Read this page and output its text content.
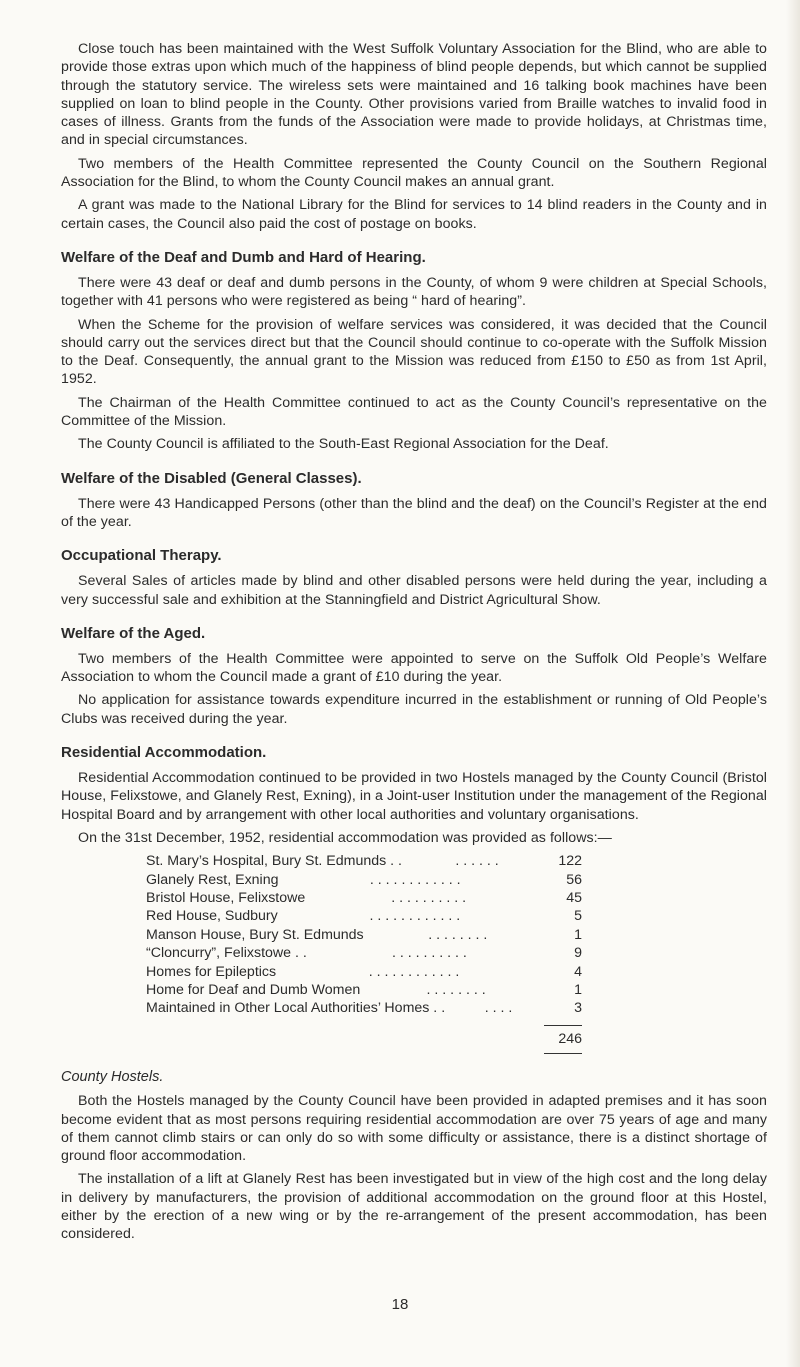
Close touch has been maintained with the West Suffolk Voluntary Association for the Blind, who are able to provide those extras upon which much of the happiness of blind people depends, but which cannot be supplied through the statutory service. The wireless sets were maintained and 16 talking book machines have been supplied on loan to blind people in the County. Other provisions varied from Braille watches to invalid food in cases of illness. Grants from the funds of the Association were made to provide holidays, at Christmas time, and in special circumstances.

Two members of the Health Committee represented the County Council on the Southern Regional Association for the Blind, to whom the County Council makes an annual grant.

A grant was made to the National Library for the Blind for services to 14 blind readers in the County and in certain cases, the Council also paid the cost of postage on books.

Welfare of the Deaf and Dumb and Hard of Hearing.

There were 43 deaf or deaf and dumb persons in the County, of whom 9 were children at Special Schools, together with 41 persons who were registered as being “ hard of hearing”.

When the Scheme for the provision of welfare services was considered, it was decided that the Council should carry out the services direct but that the Council should continue to co-operate with the Suffolk Mission to the Deaf. Consequently, the annual grant to the Mission was reduced from £150 to £50 as from 1st April, 1952.

The Chairman of the Health Committee continued to act as the County Council’s representative on the Committee of the Mission.

The County Council is affiliated to the South-East Regional Association for the Deaf.

Welfare of the Disabled (General Classes).

There were 43 Handicapped Persons (other than the blind and the deaf) on the Council’s Register at the end of the year.

Occupational Therapy.

Several Sales of articles made by blind and other disabled persons were held during the year, including a very successful sale and exhibition at the Stanningfield and District Agricultural Show.

Welfare of the Aged.

Two members of the Health Committee were appointed to serve on the Suffolk Old People’s Welfare Association to whom the Council made a grant of £10 during the year.

No application for assistance towards expenditure incurred in the establishment or running of Old People’s Clubs was received during the year.

Residential Accommodation.

Residential Accommodation continued to be provided in two Hostels managed by the County Council (Bristol House, Felixstowe, and Glanely Rest, Exning), in a Joint-user Institution under the management of the Regional Hospital Board and by arrangement with other local authorities and voluntary organisations.

On the 31st December, 1952, residential accommodation was provided as follows:—

St. Mary’s Hospital, Bury St. Edmunds . .	. . . . . .	122
Glanely Rest, Exning	. . . . . . . . . . . .	56
Bristol House, Felixstowe	. . . . . . . . . .	45
Red House, Sudbury	. . . . . . . . . . . .	5
Manson House, Bury St. Edmunds	. . . . . . . .	1
“Cloncurry”, Felixstowe . .	. . . . . . . . . .	9
Homes for Epileptics	. . . . . . . . . . . .	4
Home for Deaf and Dumb Women	. . . . . . . .	1
Maintained in Other Local Authorities’ Homes . .	. . . .	3
246
County Hostels.

Both the Hostels managed by the County Council have been provided in adapted premises and it has soon become evident that as most persons requiring residential accommodation are over 75 years of age and many of them cannot climb stairs or can only do so with some difficulty or assistance, there is a distinct shortage of ground floor accommodation.

The installation of a lift at Glanely Rest has been investigated but in view of the high cost and the long delay in delivery by manufacturers, the provision of additional accommodation on the ground floor at this Hostel, either by the erection of a new wing or by the re-arrangement of the present accommodation, has been considered.

18
